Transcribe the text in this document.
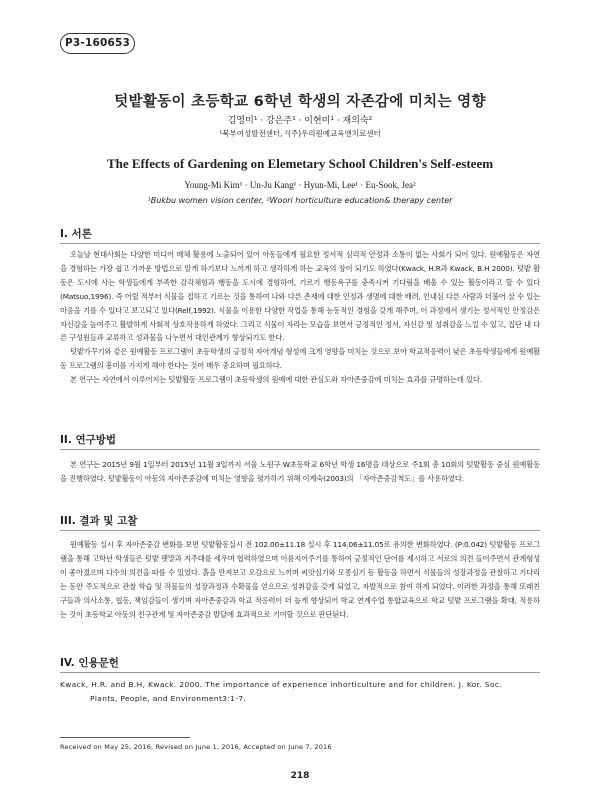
P3-160653
텃밭활동이 초등학교 6학년 학생의 자존감에 미치는 영향
김영미¹ · 강은주¹ · 이현미¹ · 재의숙²
¹북부여성발전센터, ²(주)우리원예교육앤치료센터
The Effects of Gardening on Elemetary School Children's Self-esteem
Young-Mi Kim¹ · Un-Ju Kang¹ · Hyun-Mi, Lee¹ · Eu-Sook, Jea²
¹Bukbu women vision center, ²Woori horticulture education& therapy center
I. 서론
오늘날 현대사회는 다양한 미디어 매체 활용에 노출되어 있어 아동들에게 필요한 정서적 심리적 안정과 소통이 없는 사회가 되어 있다. 원예활동은 자연을 경험하는 가장 쉽고 가까운 방법으로 알게 하기보다 느끼게 하고 생각하게 하는 교육의 장이 되기도 하였다(Kwack, H.R과 Kwack, B.H 2000). 텃밭 활동은 도시에 사는 학생들에게 부족한 감각체험과 행동을 도시에 경험하여, 기르기 행동욕구를 충족시켜 기다림을 배울 수 있는 활동이라고 할 수 있다(Matsuo,1996). 즉 어릴 적부터 식물을 접하고 기르는 것을 통하여 나와 다른 존재에 대한 인정과 생명에 대한 배려, 인내심 다른 사람과 더불어 살 수 있는 마음을 기를 수 있다고 보고되고 있다(Relf,1992). 식물을 이용한 다양한 작업을 통해 능동적인 경험을 갖게 해주며, 이 과정에서 생기는 정서적인 안정감은 자신감을 높여주고 활발하게 사회적 상호작용하게 하였다. 그리고 식물이 자라는 모습을 보면서 긍정적인 정서, 자신감 및 성취감을 느낄 수 있고, 집단 내 다른 구성원들과 교류하고 성과물을 나누면서 대인관계가 향상되기도 한다.
텃밭가꾸기와 같은 원예활동 프로그램이 초등학생의 긍정적 자아개념 형성에 크게 영향을 미치는 것으로 보아 학교적응력이 낮은 초등학생들에게 원예활동 프로그램의 흥미를 가지게 해야 한다는 것이 매우 중요하며 필요하다.
본 연구는 자연에서 이루어지는 텃밭활동 프로그램이 초등학생의 원예에 대한 관심도와 자아존중감에 미치는 효과를 규명하는데 있다.
II. 연구방법
본 연구는 2015년 9월 1일부터 2015년 11월 3일까지 서울 노원구 W초등학교 6학년 학생 16명을 대상으로 주1회 총 10회의 텃밭활동 중심 원예활동을 진행하였다. 텃밭활동이 아동의 자아존중감에 미치는 영향을 평가하기 위해 이계숙(2003)의 「자아존중감척도」를 사용하였다.
III. 결과 및 고찰
원예활동 실시 후 자아존중감 변화를 보면 텃밭활동실시 전 102.00±11.18 실시 후 114.06±11.05로 유의한 변화하였다. (P:0.042) 텃밭활동 프로그램을 통해 고학년 학생들은 텃밭 팻말과 지주대를 세우며 협력하였으며 이름지어주기를 통하여 긍정적인 단어를 제시하고 서로의 의견 들어주면서 관계형성이 좋아졌으며 다수의 의견을 따를 수 있었다. 흙을 만져보고 오감으로 느끼며 씨앗심기와 모종심기 등 활동을 하면서 식물들의 성장과정을 관찰하고 기다리는 동안 주도적으로 관찰 학습 및 작물들의 성장과정과 수확물을 얻으므로 성취감을 갖게 되었고, 자발적으로 참여 하게 되었다. 이러한 과정을 통해 또래친구들과 의사소통, 협동, 책임감들이 생기며 자아존중감과 학교 적응력이 더 높게 향상되어 학교 연계수업 통합교육으로 학교 텃밭 프로그램을 확대, 적용하는 것이 초등학교 아동의 친구관계 및 자아존중감 발달에 효과적으로 기여할 것으로 판단된다.
IV. 인용문헌
Kwack, H.R. and B.H, Kwack. 2000. The importance of experience inhorticulture and for children. J. Kor. Soc.
Plants, People, and Environment3:1-7.
Received on May 25, 2016, Revised on June 1, 2016, Accepted on June 7, 2016
218
